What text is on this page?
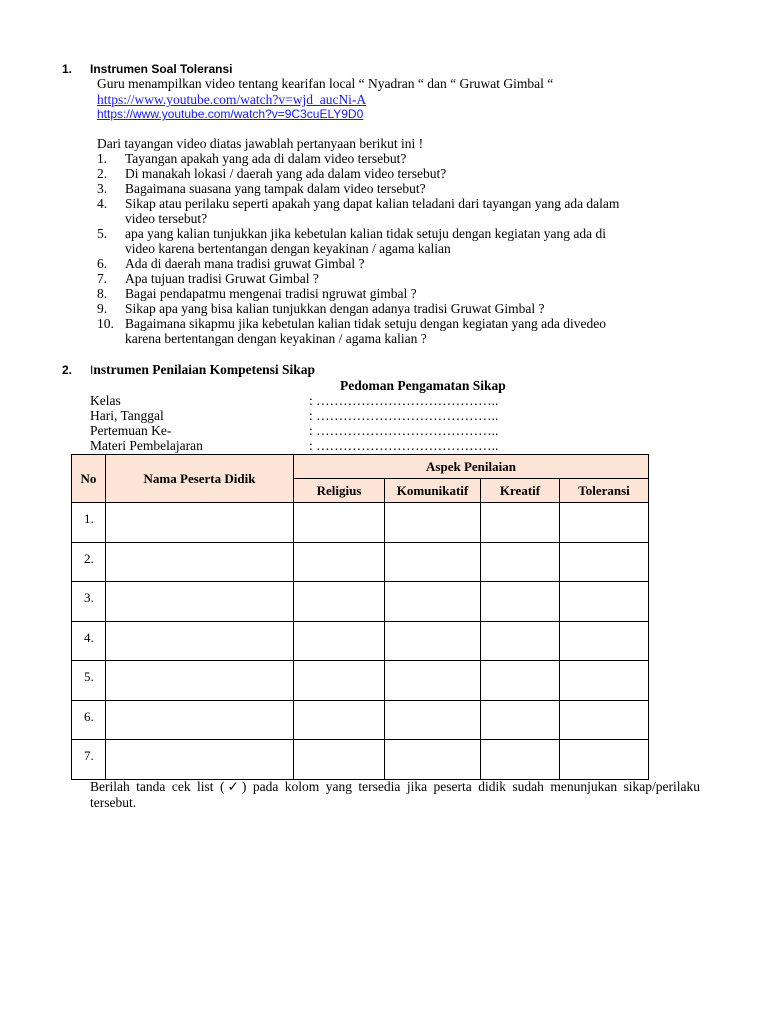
1. Instrumen Soal Toleransi
Guru menampilkan video tentang kearifan local “ Nyadran “ dan “ Gruwat Gimbal “
https://www.youtube.com/watch?v=wjd_aucNi-A
https://www.youtube.com/watch?v=9C3cuELY9D0
Dari tayangan video diatas jawablah pertanyaan berikut ini !
1. Tayangan apakah yang ada di dalam video tersebut?
2. Di manakah lokasi / daerah yang ada dalam video tersebut?
3. Bagaimana suasana yang tampak dalam video tersebut?
4. Sikap atau perilaku seperti apakah yang dapat kalian teladani dari tayangan yang ada dalam
video tersebut?
5. apa yang kalian tunjukkan jika kebetulan kalian tidak setuju dengan kegiatan yang ada di
video karena bertentangan dengan keyakinan / agama kalian
6. Ada di daerah mana tradisi gruwat Gimbal ?
7. Apa tujuan tradisi Gruwat Gimbal ?
8. Bagai pendapatmu mengenai tradisi ngruwat gimbal ?
9. Sikap apa yang bisa kalian tunjukkan dengan adanya tradisi Gruwat Gimbal ?
10. Bagaimana sikapmu jika kebetulan kalian tidak setuju dengan kegiatan yang ada divedeo
karena bertentangan dengan keyakinan / agama kalian ?
2. Instrumen Penilaian Kompetensi Sikap
Pedoman Pengamatan Sikap
Kelas	: …………………………………..
Hari, Tanggal	: …………………………………..
Pertemuan Ke-	: …………………………………..
Materi Pembelajaran	: …………………………………..
No	Nama Peserta Didik	Aspek Penilaian			
		Religius	Komunikatif	Kreatif	Toleransi
1.					
2.					
3.					
4.					
5.					
6.					
7.					
Berilah tanda cek list (✓) pada kolom yang tersedia jika peserta didik sudah menunjukan sikap/perilaku tersebut.
